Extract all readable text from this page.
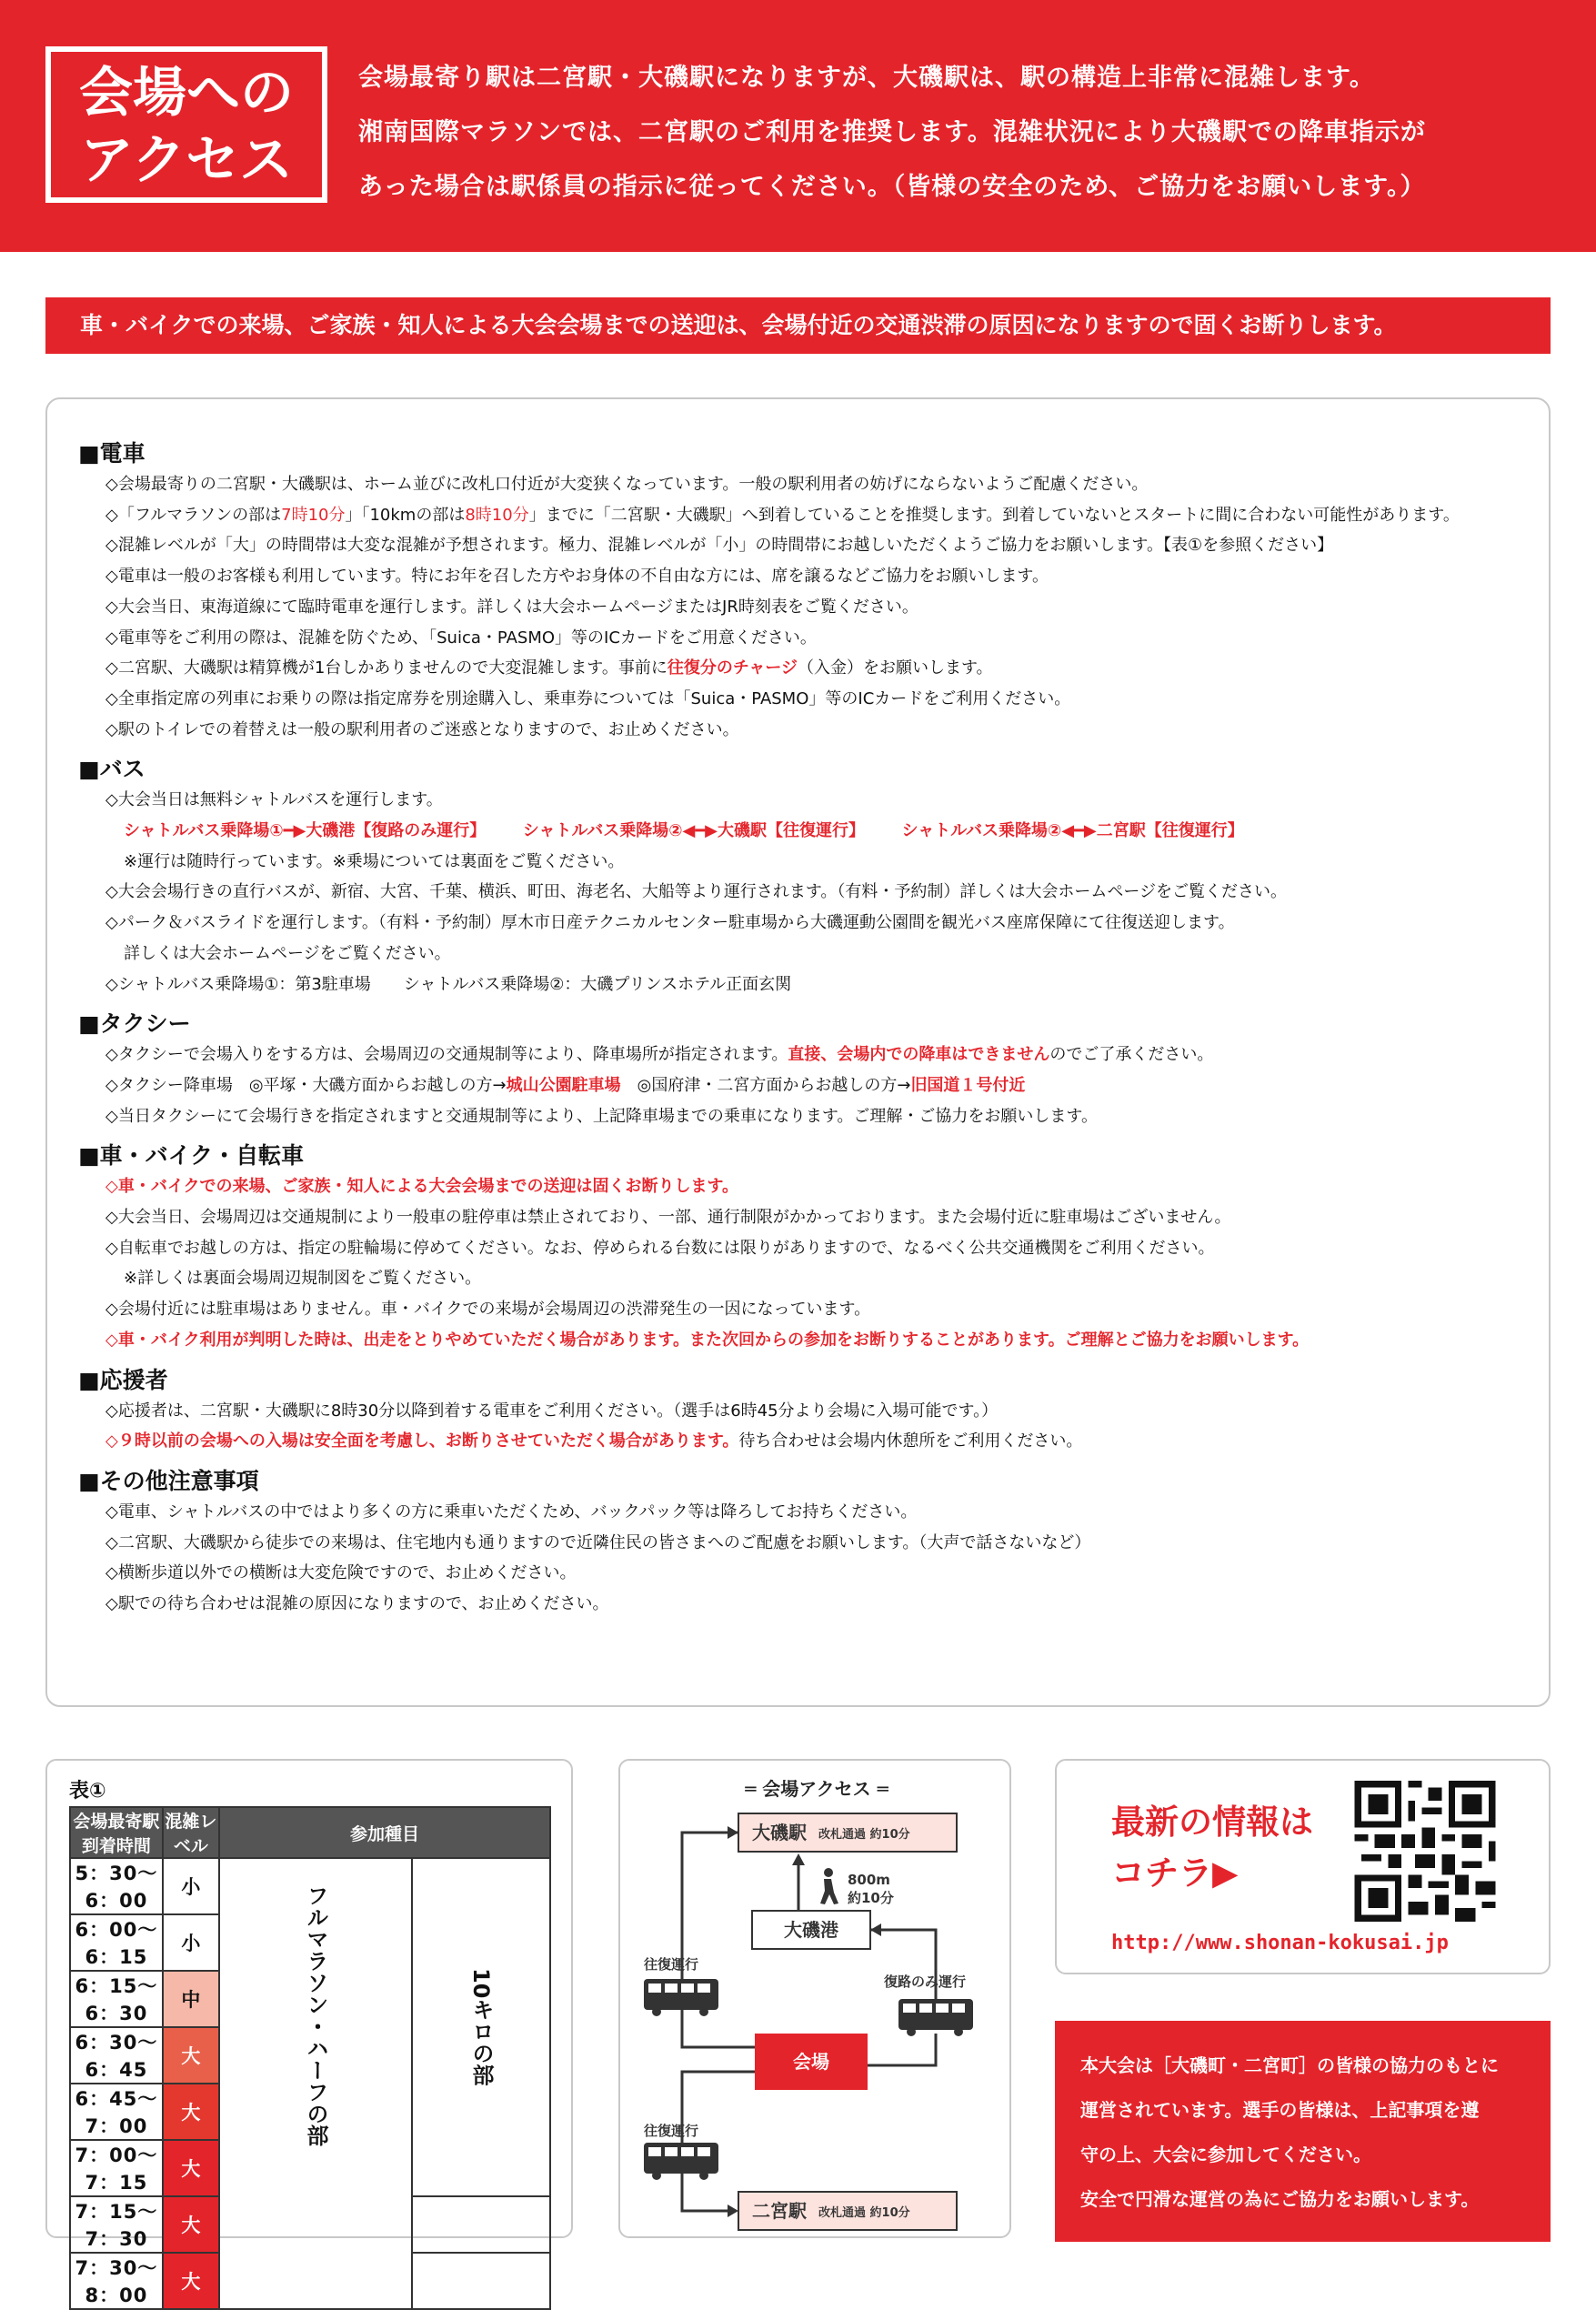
会場への
アクセス
会場最寄り駅は二宮駅・大磯駅になりますが、大磯駅は、駅の構造上非常に混雑します。
湘南国際マラソンでは、二宮駅のご利用を推奨します。混雑状況により大磯駅での降車指示が
あった場合は駅係員の指示に従ってください。（皆様の安全のため、ご協力をお願いします。）
車・バイクでの来場、ご家族・知人による大会会場までの送迎は、会場付近の交通渋滞の原因になりますので固くお断りします。
■電車
◇会場最寄りの二宮駅・大磯駅は、ホーム並びに改札口付近が大変狭くなっています。一般の駅利用者の妨げにならないようご配慮ください。
◇「フルマラソンの部は7時10分」「10kmの部は8時10分」までに「二宮駅・大磯駅」へ到着していることを推奨します。到着していないとスタートに間に合わない可能性があります。
◇混雑レベルが「大」の時間帯は大変な混雑が予想されます。極力、混雑レベルが「小」の時間帯にお越しいただくようご協力をお願いします。【表①を参照ください】
◇電車は一般のお客様も利用しています。特にお年を召した方やお身体の不自由な方には、席を譲るなどご協力をお願いします。
◇大会当日、東海道線にて臨時電車を運行します。詳しくは大会ホームページまたはJR時刻表をご覧ください。
◇電車等をご利用の際は、混雑を防ぐため、「Suica・PASMO」等のICカードをご用意ください。
◇二宮駅、大磯駅は精算機が1台しかありませんので大変混雑します。事前に往復分のチャージ（入金）をお願いします。
◇全車指定席の列車にお乗りの際は指定席券を別途購入し、乗車券については「Suica・PASMO」等のICカードをご利用ください。
◇駅のトイレでの着替えは一般の駅利用者のご迷惑となりますので、お止めください。
■バス
◇大会当日は無料シャトルバスを運行します。
シャトルバス乗降場①━▶大磯港【復路のみ運行】 シャトルバス乗降場②◀━▶大磯駅【往復運行】 シャトルバス乗降場②◀━▶二宮駅【往復運行】
※運行は随時行っています。※乗場については裏面をご覧ください。
◇大会会場行きの直行バスが、新宿、大宮、千葉、横浜、町田、海老名、大船等より運行されます。（有料・予約制）詳しくは大会ホームページをご覧ください。
◇パーク＆バスライドを運行します。（有料・予約制）厚木市日産テクニカルセンター駐車場から大磯運動公園間を観光バス座席保障にて往復送迎します。
詳しくは大会ホームページをご覧ください。
◇シャトルバス乗降場①：第3駐車場　　シャトルバス乗降場②：大磯プリンスホテル正面玄関
■タクシー
◇タクシーで会場入りをする方は、会場周辺の交通規制等により、降車場所が指定されます。直接、会場内での降車はできませんのでご了承ください。
◇タクシー降車場　◎平塚・大磯方面からお越しの方→城山公園駐車場　◎国府津・二宮方面からお越しの方→旧国道１号付近
◇当日タクシーにて会場行きを指定されますと交通規制等により、上記降車場までの乗車になります。ご理解・ご協力をお願いします。
■車・バイク・自転車
◇車・バイクでの来場、ご家族・知人による大会会場までの送迎は固くお断りします。
◇大会当日、会場周辺は交通規制により一般車の駐停車は禁止されており、一部、通行制限がかかっております。また会場付近に駐車場はございません。
◇自転車でお越しの方は、指定の駐輪場に停めてください。なお、停められる台数には限りがありますので、なるべく公共交通機関をご利用ください。
※詳しくは裏面会場周辺規制図をご覧ください。
◇会場付近には駐車場はありません。車・バイクでの来場が会場周辺の渋滞発生の一因になっています。
◇車・バイク利用が判明した時は、出走をとりやめていただく場合があります。また次回からの参加をお断りすることがあります。ご理解とご協力をお願いします。
■応援者
◇応援者は、二宮駅・大磯駅に8時30分以降到着する電車をご利用ください。（選手は6時45分より会場に入場可能です。）
◇９時以前の会場への入場は安全面を考慮し、お断りさせていただく場合があります。待ち合わせは会場内休憩所をご利用ください。
■その他注意事項
◇電車、シャトルバスの中ではより多くの方に乗車いただくため、バックパック等は降ろしてお持ちください。
◇二宮駅、大磯駅から徒歩での来場は、住宅地内も通りますので近隣住民の皆さまへのご配慮をお願いします。（大声で話さないなど）
◇横断歩道以外での横断は大変危険ですので、お止めください。
◇駅での待ち合わせは混雑の原因になりますので、お止めください。
表①
会場最寄駅到着時間	混雑レベル	参加種目	
5：30～6：00	小	フルマラソン・ハーフの部	10キロの部

6：00～6：15	小		
6：15～6：30	中		
6：30～6：45	大		
6：45～7：00	大		
7：00～7：15	大		
7：15～7：30	大		
7：30～8：00	大		
═ 会場アクセス ═
大磯駅 改札通過 約10分
800m
約10分
大磯港
復路のみ運行
往復運行
会場
往復運行
二宮駅 改札通過 約10分
最新の情報は
コチラ▶
http://www.shonan-kokusai.jp
本大会は［大磯町・二宮町］の皆様の協力のもとに
運営されています。選手の皆様は、上記事項を遵
守の上、大会に参加してください。
安全で円滑な運営の為にご協力をお願いします。
